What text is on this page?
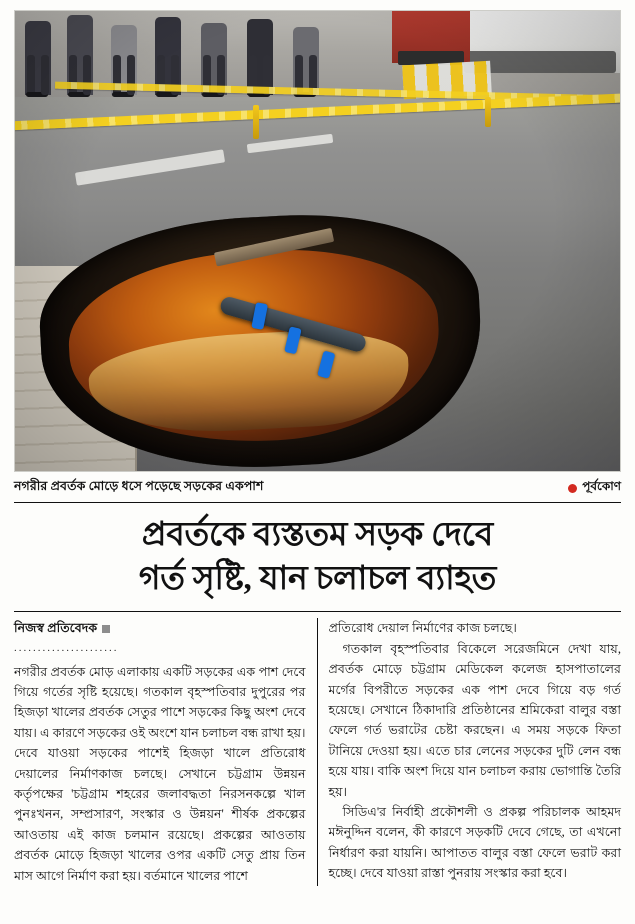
নগরীর প্রবর্তক মোড়ে ধসে পড়েছে সড়কের একপাশ	পূর্বকোণ
প্রবর্তকে ব্যস্ততম সড়ক দেবে
গর্ত সৃষ্টি, যান চলাচল ব্যাহত
নিজস্ব প্রতিবেদক
......................

নগরীর প্রবর্তক মোড় এলাকায় একটি সড়কের এক পাশ দেবে গিয়ে গর্তের সৃষ্টি হয়েছে। গতকাল বৃহস্পতিবার দুপুরের পর হিজড়া খালের প্রবর্তক সেতুর পাশে সড়কের কিছু অংশ দেবে যায়। এ কারণে সড়কের ওই অংশে যান চলাচল বন্ধ রাখা হয়। দেবে যাওয়া সড়কের পাশেই হিজড়া খালে প্রতিরোধ দেয়ালের নির্মাণকাজ চলছে। সেখানে চট্টগ্রাম উন্নয়ন কর্তৃপক্ষের 'চট্টগ্রাম শহরের জলাবদ্ধতা নিরসনকল্পে খাল পুনঃখনন, সম্প্রসারণ, সংস্কার ও উন্নয়ন' শীর্ষক প্রকল্পের আওতায় এই কাজ চলমান রয়েছে। প্রকল্পের আওতায় প্রবর্তক মোড়ে হিজড়া খালের ওপর একটি সেতু প্রায় তিন মাস আগে নির্মাণ করা হয়। বর্তমানে খালের পাশে

প্রতিরোধ দেয়াল নির্মাণের কাজ চলছে।

গতকাল বৃহস্পতিবার বিকেলে সরেজমিনে দেখা যায়, প্রবর্তক মোড়ে চট্টগ্রাম মেডিকেল কলেজ হাসপাতালের মর্গের বিপরীতে সড়কের এক পাশ দেবে গিয়ে বড় গর্ত হয়েছে। সেখানে ঠিকাদারি প্রতিষ্ঠানের শ্রমিকেরা বালুর বস্তা ফেলে গর্ত ভরাটের চেষ্টা করছেন। এ সময় সড়কে ফিতা টানিয়ে দেওয়া হয়। এতে চার লেনের সড়কের দুটি লেন বন্ধ হয়ে যায়। বাকি অংশ দিয়ে যান চলাচল করায় ভোগান্তি তৈরি হয়।

সিডিএ'র নির্বাহী প্রকৌশলী ও প্রকল্প পরিচালক আহমদ মঈনুদ্দিন বলেন, কী কারণে সড়কটি দেবে গেছে, তা এখনো নির্ধারণ করা যায়নি। আপাতত বালুর বস্তা ফেলে ভরাট করা হচ্ছে। দেবে যাওয়া রাস্তা পুনরায় সংস্কার করা হবে।
